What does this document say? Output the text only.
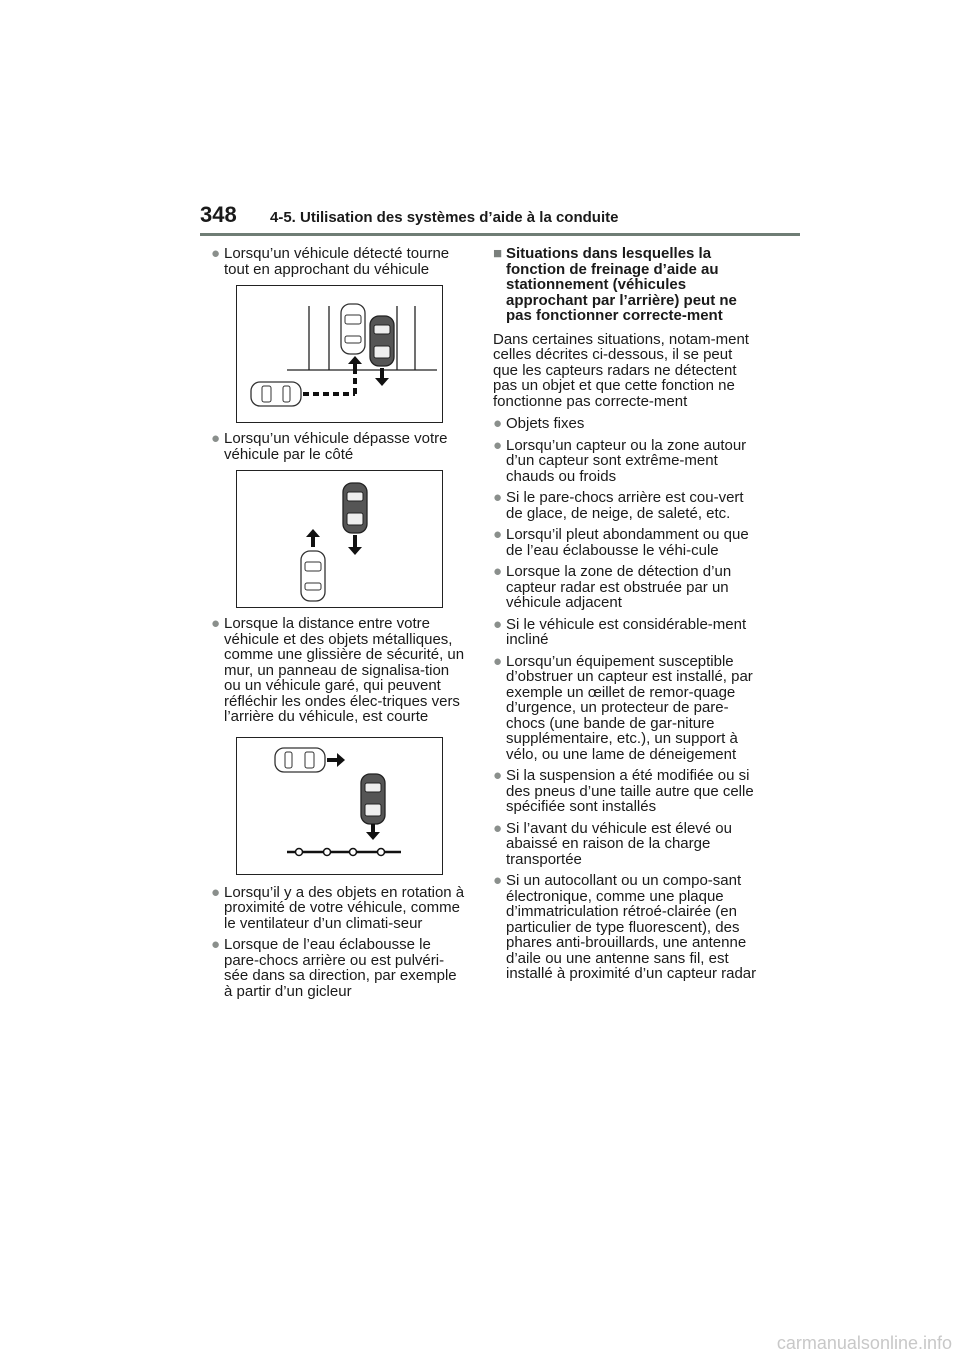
348 4-5. Utilisation des systèmes d’aide à la conduite
● Lorsqu’un véhicule détecté tourne tout en approchant du véhicule
● Lorsqu’un véhicule dépasse votre véhicule par le côté
● Lorsque la distance entre votre véhicule et des objets métalliques, comme une glissière de sécurité, un mur, un panneau de signalisa-tion ou un véhicule garé, qui peuvent réfléchir les ondes élec-triques vers l’arrière du véhicule, est courte
● Lorsqu’il y a des objets en rotation à proximité de votre véhicule, comme le ventilateur d’un climati-seur
● Lorsque de l’eau éclabousse le pare-chocs arrière ou est pulvéri-sée dans sa direction, par exemple à partir d’un gicleur
■ Situations dans lesquelles la fonction de freinage d’aide au stationnement (véhicules approchant par l’arrière) peut ne pas fonctionner correcte-ment
Dans certaines situations, notam-ment celles décrites ci-dessous, il se peut que les capteurs radars ne détectent pas un objet et que cette fonction ne fonctionne pas correcte-ment
● Objets fixes
● Lorsqu’un capteur ou la zone autour d’un capteur sont extrême-ment chauds ou froids
● Si le pare-chocs arrière est cou-vert de glace, de neige, de saleté, etc.
● Lorsqu’il pleut abondamment ou que de l’eau éclabousse le véhi-cule
● Lorsque la zone de détection d’un capteur radar est obstruée par un véhicule adjacent
● Si le véhicule est considérable-ment incliné
● Lorsqu’un équipement susceptible d’obstruer un capteur est installé, par exemple un œillet de remor-quage d’urgence, un protecteur de pare-chocs (une bande de gar-niture supplémentaire, etc.), un support à vélo, ou une lame de déneigement
● Si la suspension a été modifiée ou si des pneus d’une taille autre que celle spécifiée sont installés
● Si l’avant du véhicule est élevé ou abaissé en raison de la charge transportée
● Si un autocollant ou un compo-sant électronique, comme une plaque d’immatriculation rétroé-clairée (en particulier de type fluorescent), des phares anti-brouillards, une antenne d’aile ou une antenne sans fil, est installé à proximité d’un capteur radar
carmanualsonline.info
